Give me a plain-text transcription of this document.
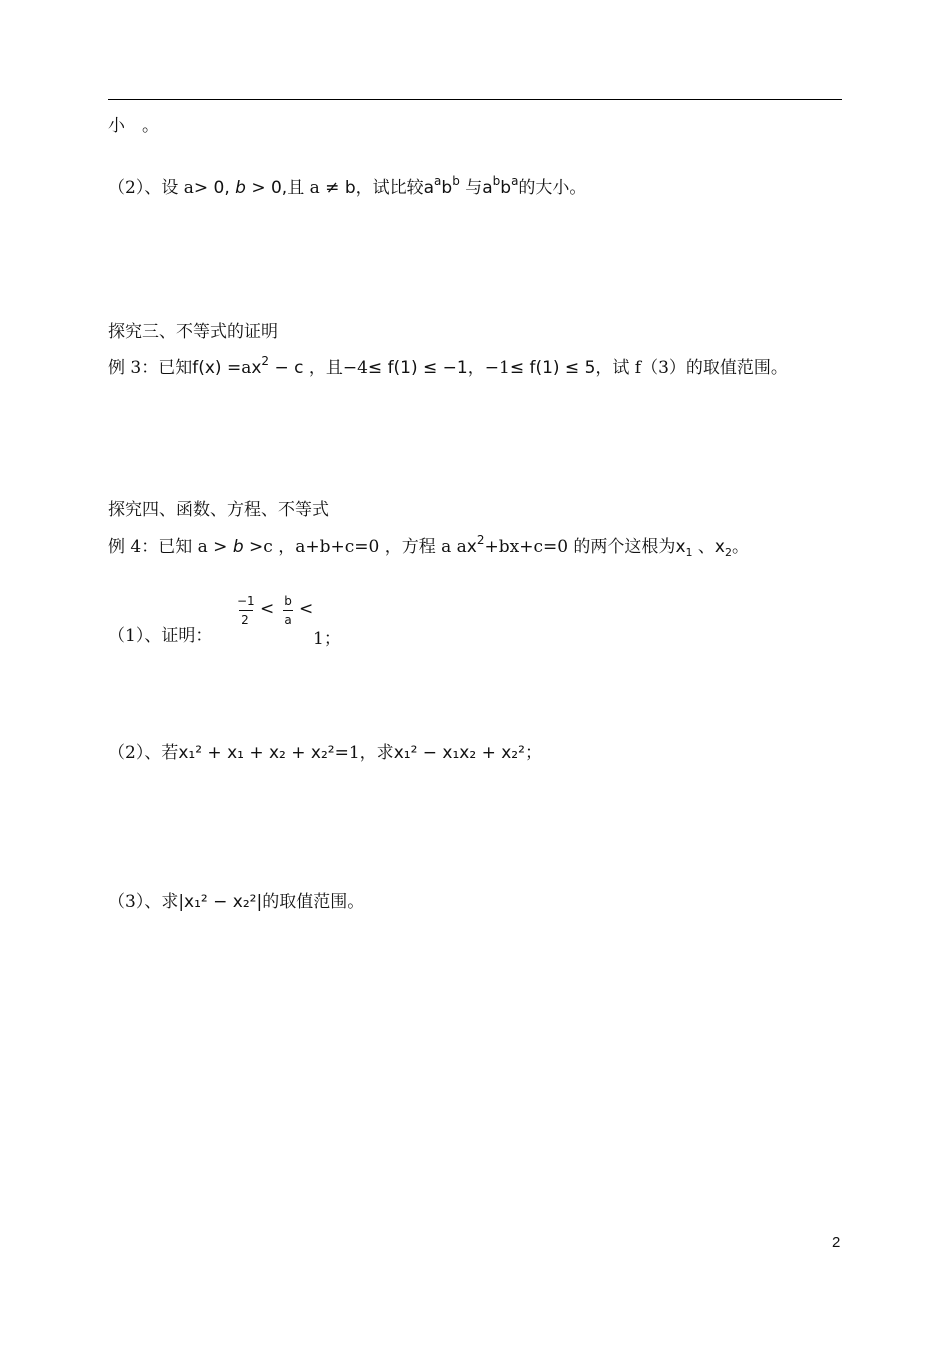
小　。
（2）、设 a> 0, b > 0,且 a ≠ b，试比较$a^ab^b$ 与$a^bb^a$的大小。
探究三、不等式的证明
例 3：已知$f(x) =ax^2 - c$ ，且−4≤ f(1) ≤ −1，−1≤ f(1) ≤ 5，试 f（3）的取值范围。
探究四、函数、方程、不等式
例 4：已知 a > b >c ，a+b+c=0 ，方程 a $ax^2+bx+c=0$ 的两个这根为$x_1$ 、$x_2$。
（1）、证明：
−1
2
< b
a
<
1；
（2）、若x₁² + x₁ + x₂ + x₂²=1，求x₁² − x₁x₂ + x₂²；
（3）、求|x₁² − x₂²|的取值范围。
2
